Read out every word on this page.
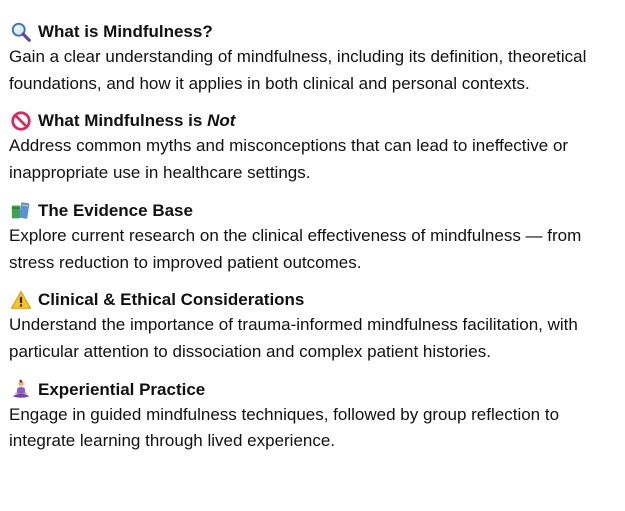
What is Mindfulness?

Gain a clear understanding of mindfulness, including its definition, theoretical foundations, and how it applies in both clinical and personal contexts.

What Mindfulness is Not

Address common myths and misconceptions that can lead to ineffective or inappropriate use in healthcare settings.

The Evidence Base

Explore current research on the clinical effectiveness of mindfulness — from stress reduction to improved patient outcomes.

Clinical & Ethical Considerations

Understand the importance of trauma-informed mindfulness facilitation, with particular attention to dissociation and complex patient histories.

Experiential Practice

Engage in guided mindfulness techniques, followed by group reflection to integrate learning through lived experience.
